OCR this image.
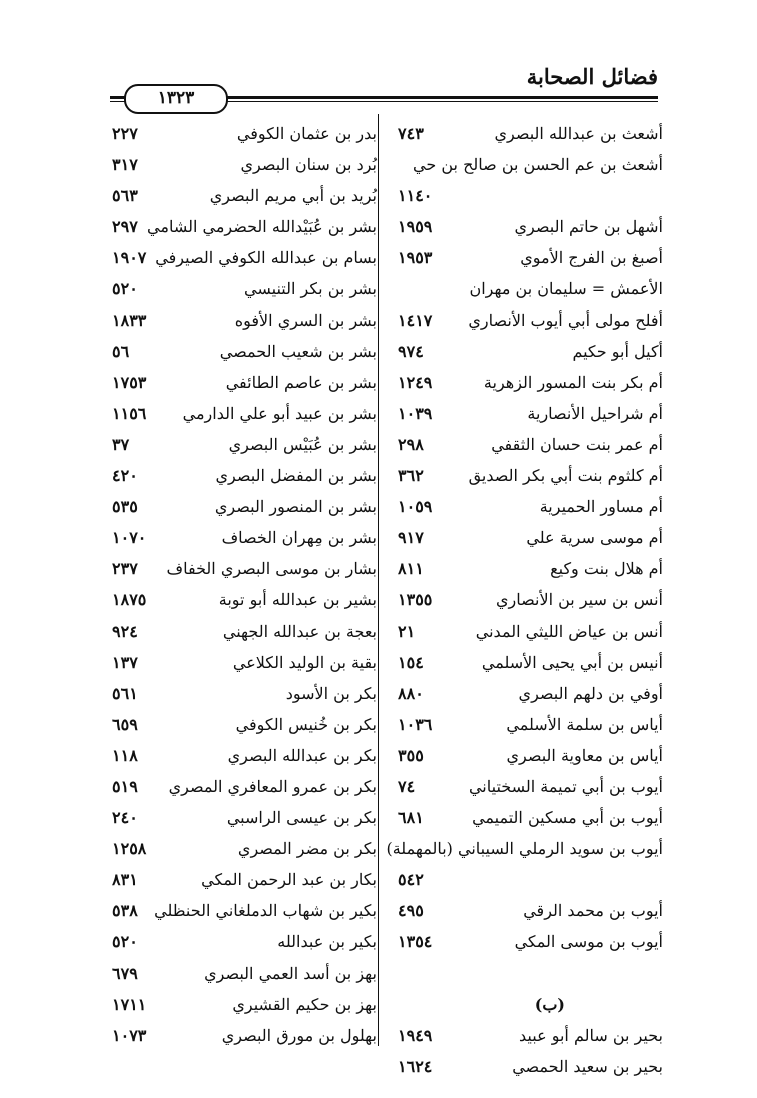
فضائل الصحابة
١٣٢٣
أشعث بن عبدالله البصري
٧٤٣
أشعث بن عم الحسن بن صالح بن حي
١١٤٠
أشهل بن حاتم البصري
١٩٥٩
أصبغ بن الفرج الأموي
١٩٥٣
الأعمش = سليمان بن مهران
أفلح مولى أبي أيوب الأنصاري
١٤١٧
أكيل أبو حكيم
٩٧٤
أم بكر بنت المسور الزهرية
١٢٤٩
أم شراحيل الأنصارية
١٠٣٩
أم عمر بنت حسان الثقفي
٢٩٨
أم كلثوم بنت أبي بكر الصديق
٣٦٢
أم مساور الحميرية
١٠٥٩
أم موسى سرية علي
٩١٧
أم هلال بنت وكيع
٨١١
أنس بن سير بن الأنصاري
١٣٥٥
أنس بن عياض الليثي المدني
٢١
أنيس بن أبي يحيى الأسلمي
١٥٤
أوفي بن دلهم البصري
٨٨٠
أياس بن سلمة الأسلمي
١٠٣٦
أياس بن معاوية البصري
٣٥٥
أيوب بن أبي تميمة السختياني
٧٤
أيوب بن أبي مسكين التميمي
٦٨١
أيوب بن سويد الرملي السيباني (بالمهملة)
٥٤٢
أيوب بن محمد الرقي
٤٩٥
أيوب بن موسى المكي
١٣٥٤
(ب)
بحير بن سالم أبو عبيد
١٩٤٩
بحير بن سعيد الحمصي
١٦٢٤
بدر بن عثمان الكوفي
٢٢٧
بُرد بن سنان البصري
٣١٧
بُريد بن أبي مريم البصري
٥٦٣
بشر بن عُبَيْدالله الحضرمي الشامي
٢٩٧
بسام بن عبدالله الكوفي الصيرفي
١٩٠٧
بشر بن بكر التنيسي
٥٢٠
بشر بن السري الأفوه
١٨٣٣
بشر بن شعيب الحمصي
٥٦
بشر بن عاصم الطائفي
١٧٥٣
بشر بن عبيد أبو علي الدارمي
١١٥٦
بشر بن عُبَيْس البصري
٣٧
بشر بن المفضل البصري
٤٢٠
بشر بن المنصور البصري
٥٣٥
بشر بن مِهران الخصاف
١٠٧٠
بشار بن موسى البصري الخفاف
٢٣٧
بشير بن عبدالله أبو توبة
١٨٧٥
بعجة بن عبدالله الجهني
٩٢٤
بقية بن الوليد الكلاعي
١٣٧
بكر بن الأسود
٥٦١
بكر بن خُنيس الكوفي
٦٥٩
بكر بن عبدالله البصري
١١٨
بكر بن عمرو المعافري المصري
٥١٩
بكر بن عيسى الراسبي
٢٤٠
بكر بن مضر المصري
١٢٥٨
بكار بن عبد الرحمن المكي
٨٣١
بكير بن شهاب الدملغاني الحنظلي
٥٣٨
بكير بن عبدالله
٥٢٠
بهز بن أسد العمي البصري
٦٧٩
بهز بن حكيم القشيري
١٧١١
بهلول بن مورق البصري
١٠٧٣
